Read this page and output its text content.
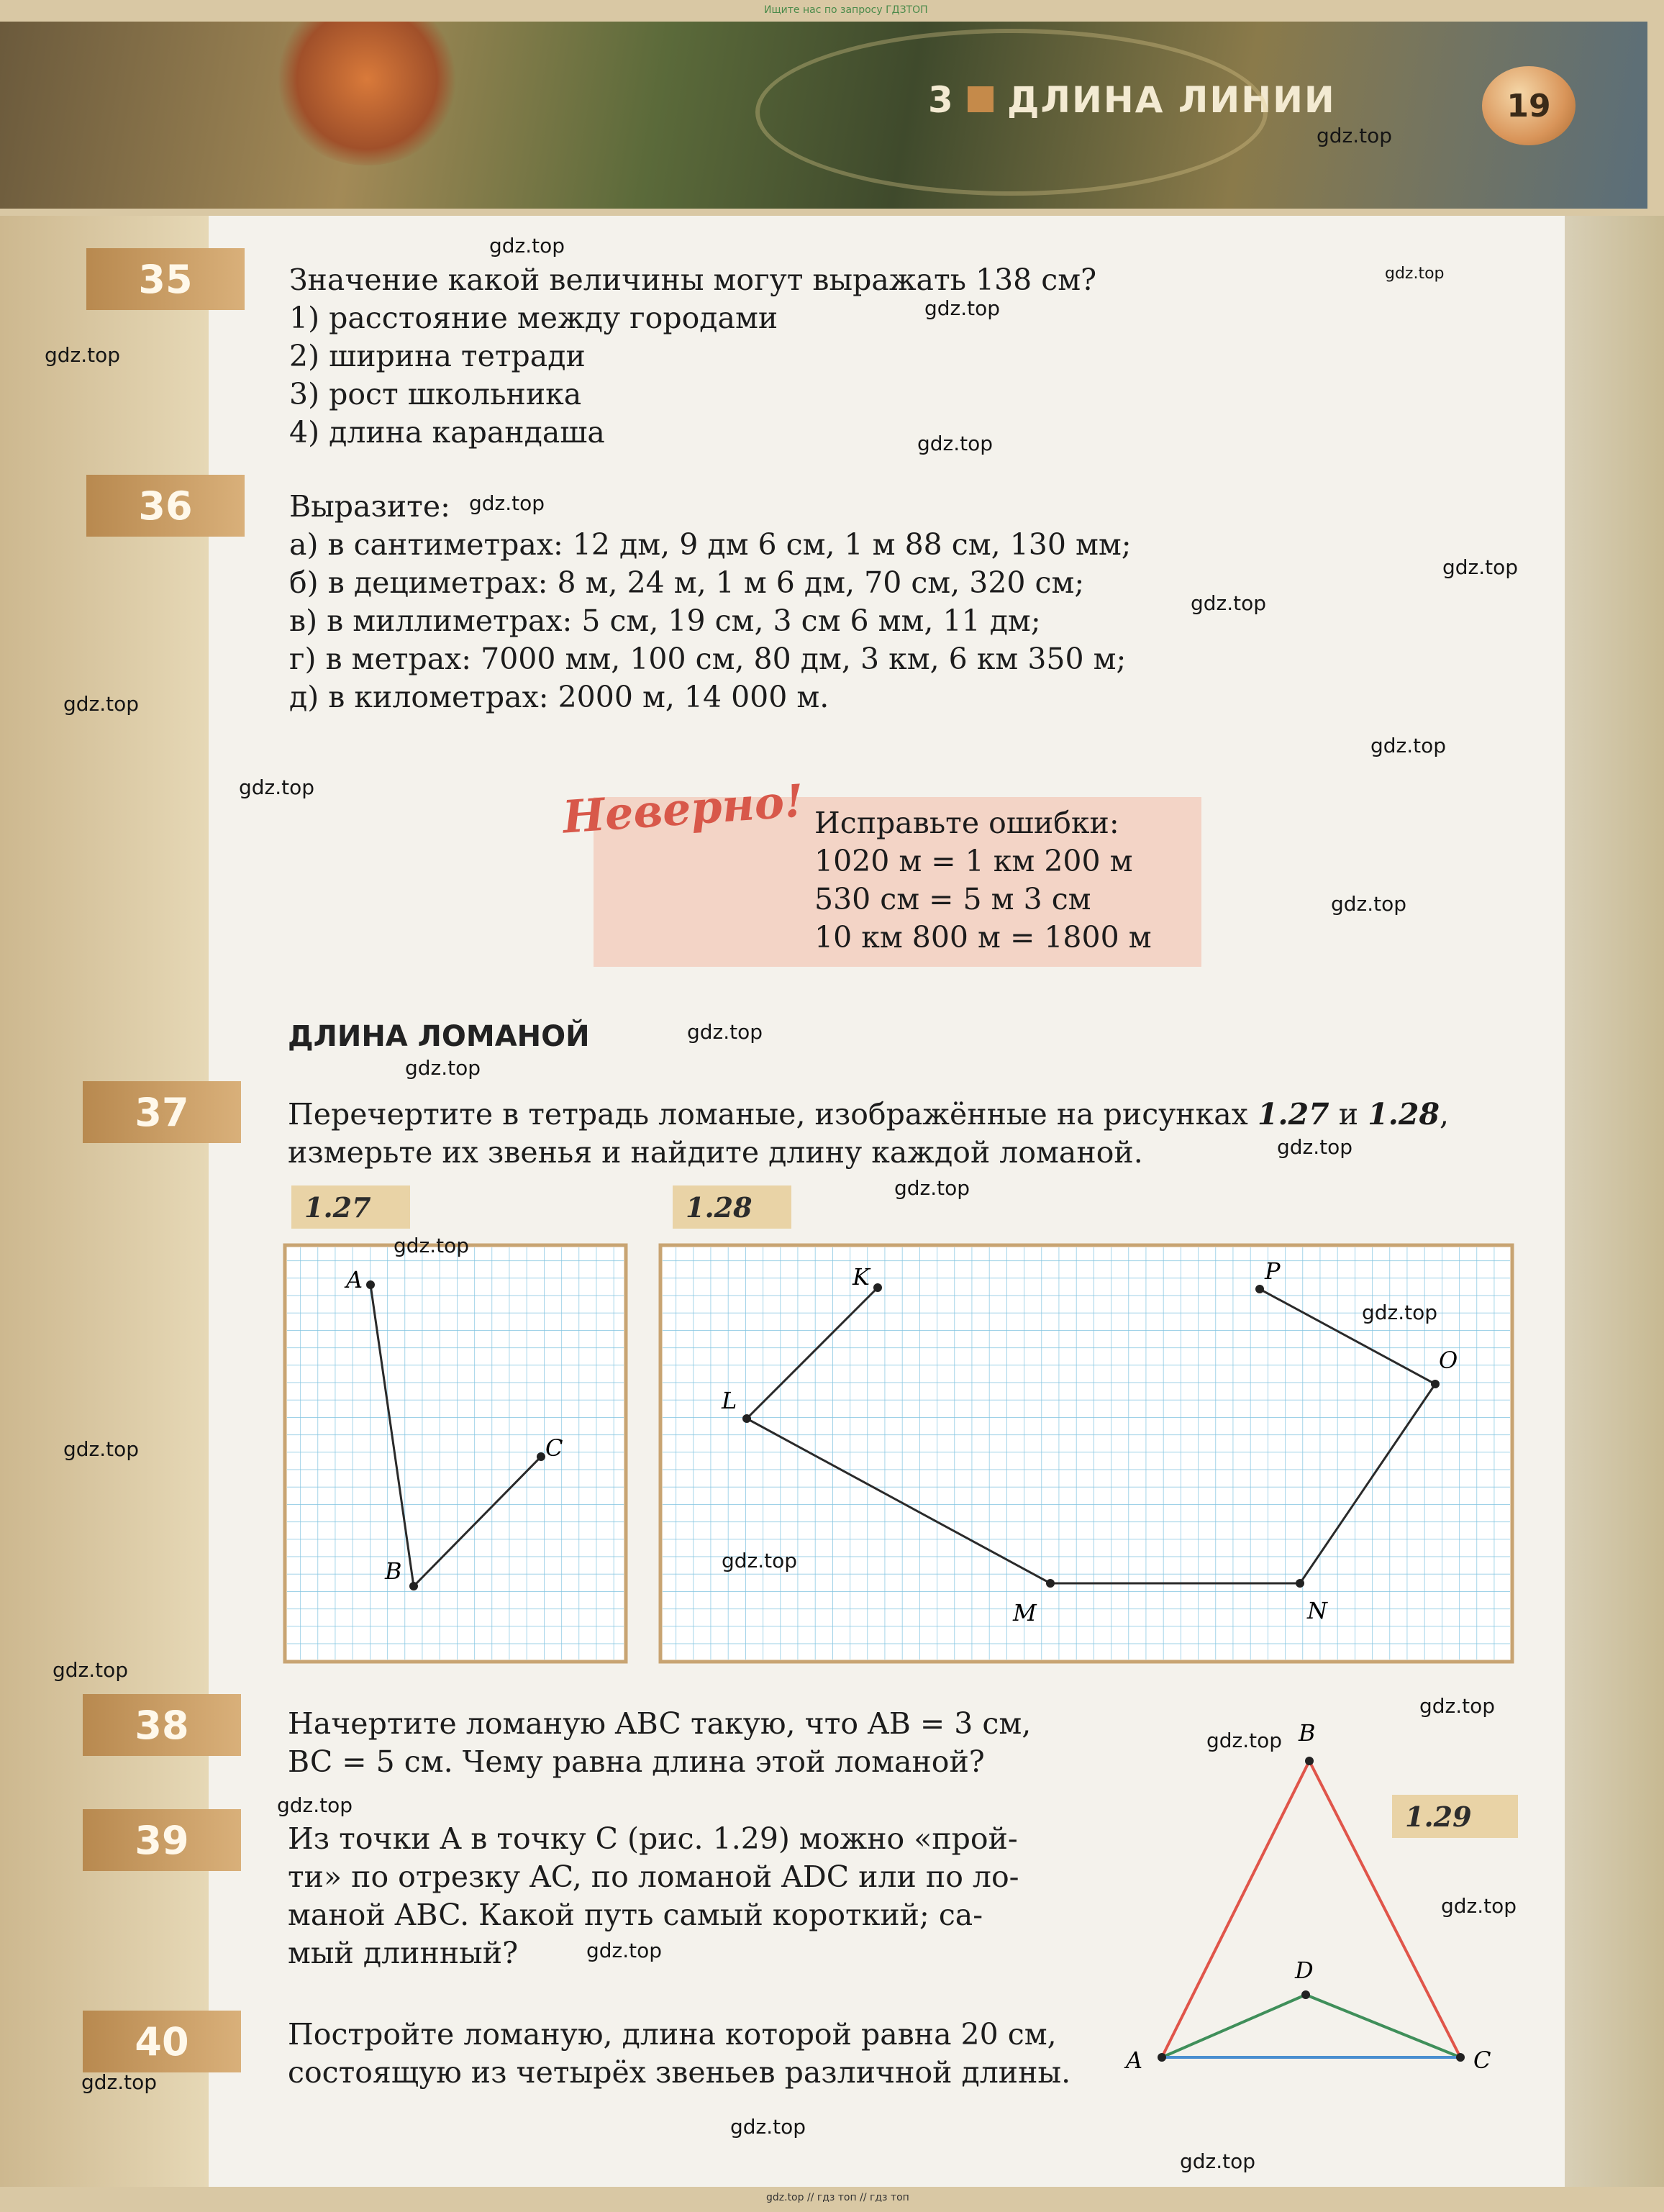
Ищите нас по запросу ГДЗТОП
3 ДЛИНА ЛИНИИ	19
35	Значение какой величины могут выражать 138 см?
1) расстояние между городами
2) ширина тетради
3) рост школьника
4) длина карандаша
36	Выразите:
а) в сантиметрах: 12 дм, 9 дм 6 см, 1 м 88 см, 130 мм;
б) в дециметрах: 8 м, 24 м, 1 м 6 дм, 70 см, 320 см;
в) в миллиметрах: 5 см, 19 см, 3 см 6 мм, 11 дм;
г) в метрах: 7000 мм, 100 см, 80 дм, 3 км, 6 км 350 м;
д) в километрах: 2000 м, 14 000 м.
Неверно! Исправьте ошибки:
1020 м = 1 км 200 м
530 см = 5 м 3 см
10 км 800 м = 1800 м
ДЛИНА ЛОМАНОЙ
37	Перечертите в тетрадь ломаные, изображённые на рисунках 1.27 и 1.28,
измерьте их звенья и найдите длину каждой ломаной.
1.27	1.28
A
B
C
K
L
M	N
O
P
38	Начертите ломаную ABC такую, что AB = 3 см,
BC = 5 см. Чему равна длина этой ломаной?
39	Из точки A в точку C (рис. 1.29) можно «прой-
ти» по отрезку AC, по ломаной ADC или по ло-
маной ABC. Какой путь самый короткий; са-
мый длинный?
40	Постройте ломаную, длина которой равна 20 см,
состоящую из четырёх звеньев различной длины.
1.29
A
B
C
D
gdz.top
gdz.top
gdz.top
gdz.top
gdz.top
gdz.top
gdz.top
gdz.top
gdz.top
gdz.top
gdz.top
gdz.top
gdz.top
gdz.top
gdz.top
gdz.top
gdz.top
gdz.top
gdz.top
gdz.top
gdz.top
gdz.top
gdz.top
gdz.top
gdz.top
gdz.top
gdz.top
gdz.top
gdz.top
gdz.top
gdz.top // гдз топ // гдз топ
